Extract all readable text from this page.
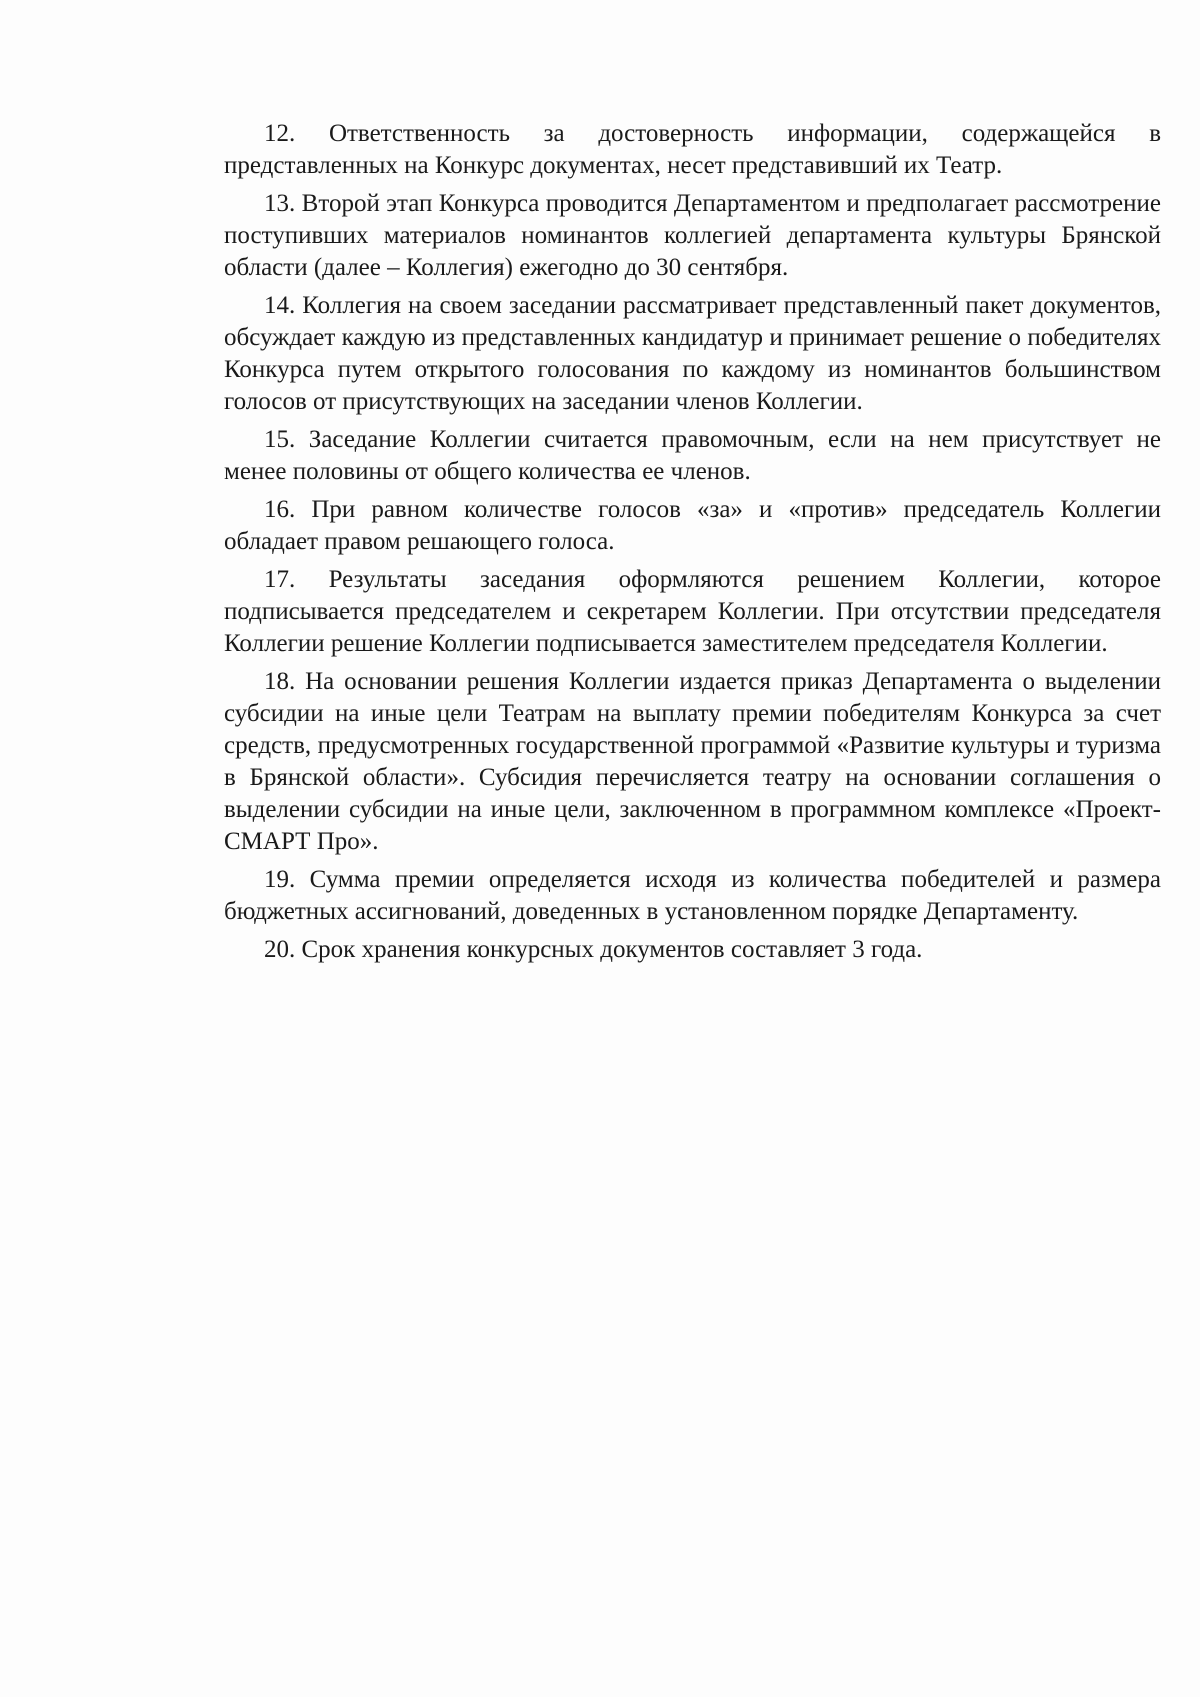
12. Ответственность за достоверность информации, содержащейся в представленных на Конкурс документах, несет представивший их Театр.

13. Второй этап Конкурса проводится Департаментом и предполагает рассмотрение поступивших материалов номинантов коллегией департамента культуры Брянской области (далее – Коллегия) ежегодно до 30 сентября.

14. Коллегия на своем заседании рассматривает представленный пакет документов, обсуждает каждую из представленных кандидатур и принимает решение о победителях Конкурса путем открытого голосования по каждому из номинантов большинством голосов от присутствующих на заседании членов Коллегии.

15. Заседание Коллегии считается правомочным, если на нем присутствует не менее половины от общего количества ее членов.

16. При равном количестве голосов «за» и «против» председатель Коллегии обладает правом решающего голоса.

17. Результаты заседания оформляются решением Коллегии, которое подписывается председателем и секретарем Коллегии. При отсутствии председателя Коллегии решение Коллегии подписывается заместителем председателя Коллегии.

18. На основании решения Коллегии издается приказ Департамента о выделении субсидии на иные цели Театрам на выплату премии победителям Конкурса за счет средств, предусмотренных государственной программой «Развитие культуры и туризма в Брянской области». Субсидия перечисляется театру на основании соглашения о выделении субсидии на иные цели, заключенном в программном комплексе «Проект-СМАРТ Про».

19. Сумма премии определяется исходя из количества победителей и размера бюджетных ассигнований, доведенных в установленном порядке Департаменту.

20. Срок хранения конкурсных документов составляет 3 года.
